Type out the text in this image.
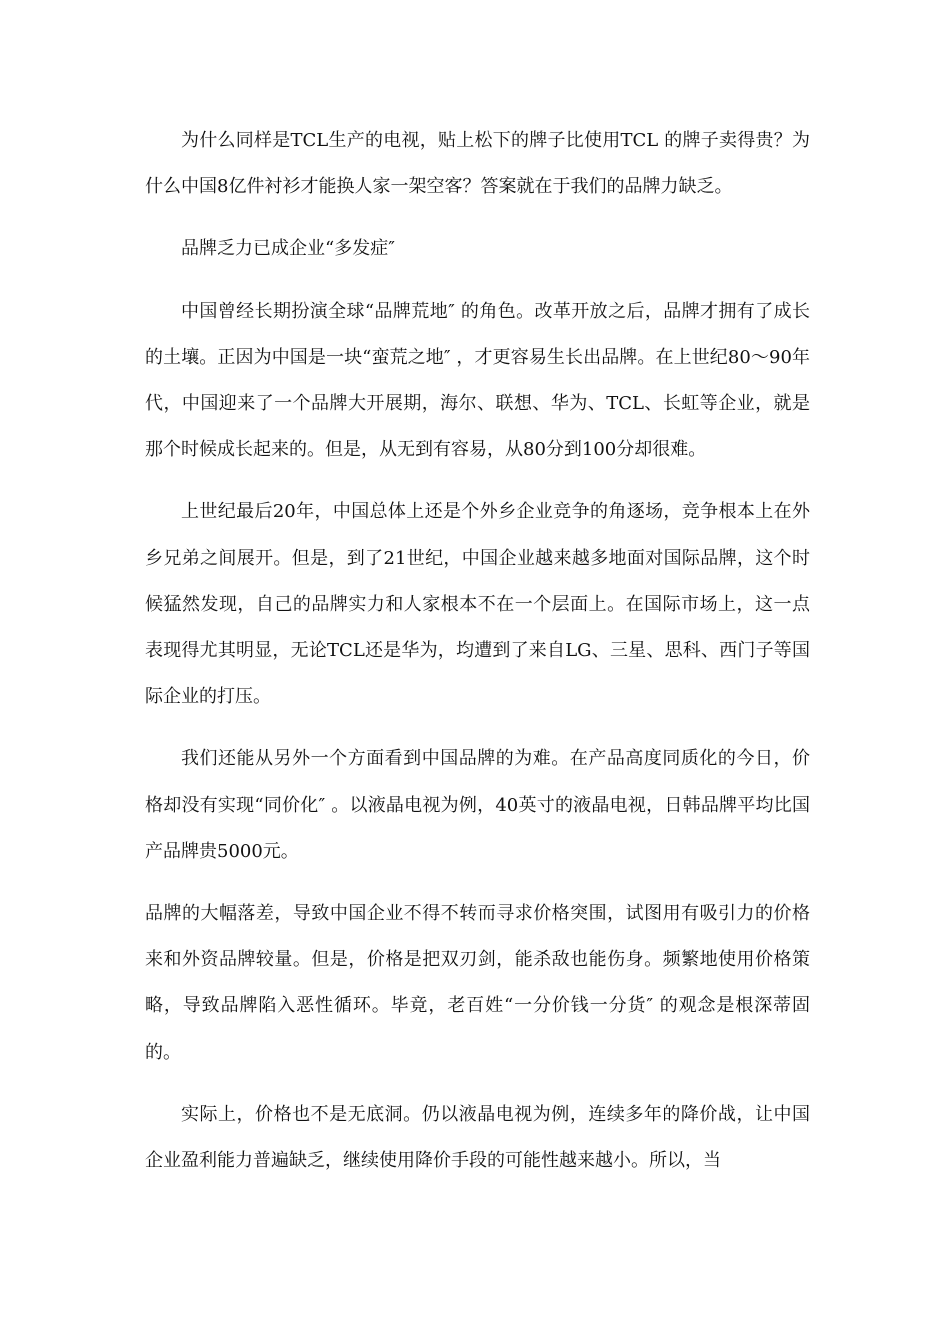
为什么同样是TCL生产的电视，贴上松下的牌子比使用TCL 的牌子卖得贵？为什么中国8亿件衬衫才能换人家一架空客？答案就在于我们的品牌力缺乏。

品牌乏力已成企业“多发症″

中国曾经长期扮演全球“品牌荒地″ 的角色。改革开放之后，品牌才拥有了成长的土壤。正因为中国是一块“蛮荒之地″ ，才更容易生长出品牌。在上世纪80～90年代，中国迎来了一个品牌大开展期，海尔、联想、华为、TCL、长虹等企业，就是那个时候成长起来的。但是，从无到有容易，从80分到100分却很难。

上世纪最后20年，中国总体上还是个外乡企业竞争的角逐场，竞争根本上在外乡兄弟之间展开。但是，到了21世纪，中国企业越来越多地面对国际品牌，这个时候猛然发现，自己的品牌实力和人家根本不在一个层面上。在国际市场上，这一点表现得尤其明显，无论TCL还是华为，均遭到了来自LG、三星、思科、西门子等国际企业的打压。

我们还能从另外一个方面看到中国品牌的为难。在产品高度同质化的今日，价格却没有实现“同价化″ 。以液晶电视为例，40英寸的液晶电视，日韩品牌平均比国产品牌贵5000元。

品牌的大幅落差，导致中国企业不得不转而寻求价格突围，试图用有吸引力的价格来和外资品牌较量。但是，价格是把双刃剑，能杀敌也能伤身。频繁地使用价格策略，导致品牌陷入恶性循环。毕竟，老百姓“一分价钱一分货″ 的观念是根深蒂固的。

实际上，价格也不是无底洞。仍以液晶电视为例，连续多年的降价战，让中国企业盈利能力普遍缺乏，继续使用降价手段的可能性越来越小。所以，当
